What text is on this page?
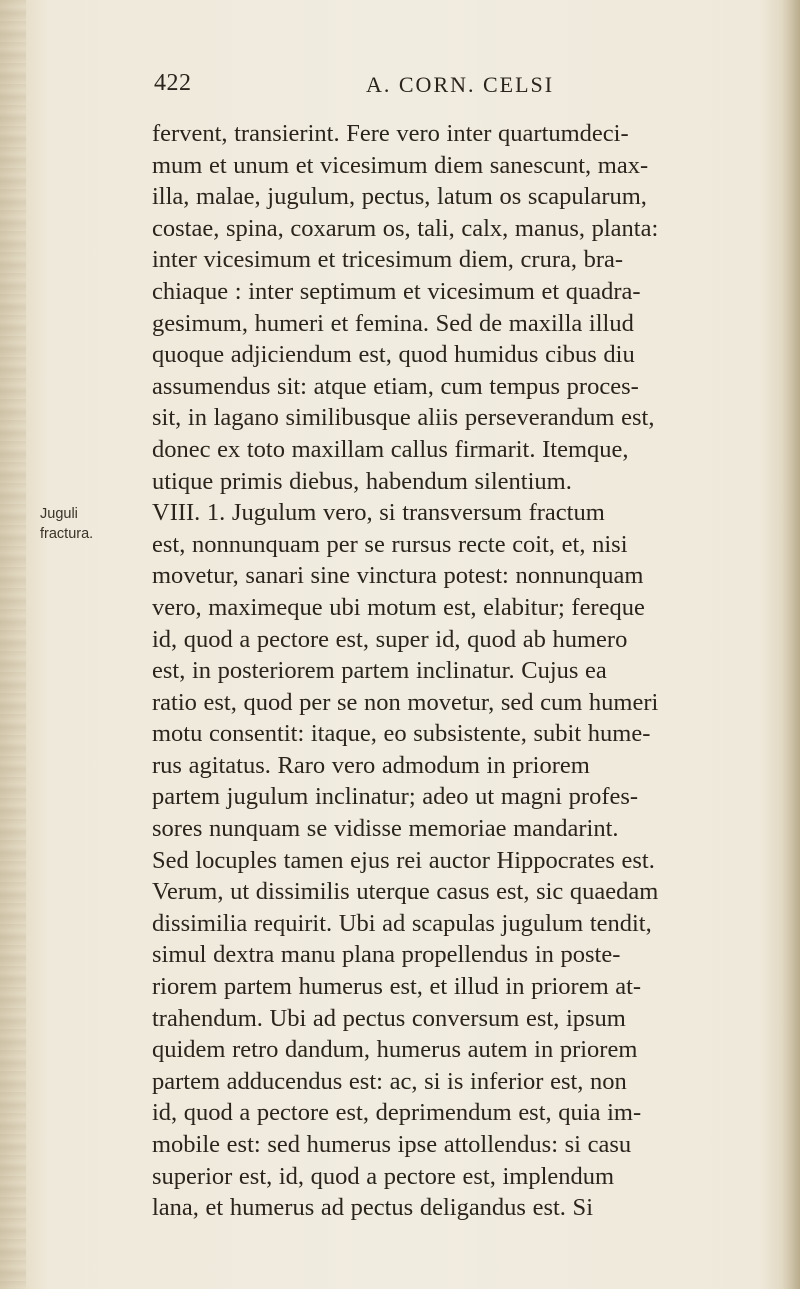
422	A. CORN. CELSI
Juguli
fractura.
fervent, transierint. Fere vero inter quartumdeci-
mum et unum et vicesimum diem sanescunt, max-
illa, malae, jugulum, pectus, latum os scapularum,
costae, spina, coxarum os, tali, calx, manus, planta:
inter vicesimum et tricesimum diem, crura, bra-
chiaque : inter septimum et vicesimum et quadra-
gesimum, humeri et femina. Sed de maxilla illud
quoque adjiciendum est, quod humidus cibus diu
assumendus sit: atque etiam, cum tempus proces-
sit, in lagano similibusque aliis perseverandum est,
donec ex toto maxillam callus firmarit. Itemque,
utique primis diebus, habendum silentium.
VIII. 1. Jugulum vero, si transversum fractum
est, nonnunquam per se rursus recte coit, et, nisi
movetur, sanari sine vinctura potest: nonnunquam
vero, maximeque ubi motum est, elabitur; fereque
id, quod a pectore est, super id, quod ab humero
est, in posteriorem partem inclinatur. Cujus ea
ratio est, quod per se non movetur, sed cum humeri
motu consentit: itaque, eo subsistente, subit hume-
rus agitatus. Raro vero admodum in priorem
partem jugulum inclinatur; adeo ut magni profes-
sores nunquam se vidisse memoriae mandarint.
Sed locuples tamen ejus rei auctor Hippocrates est.
Verum, ut dissimilis uterque casus est, sic quaedam
dissimilia requirit. Ubi ad scapulas jugulum tendit,
simul dextra manu plana propellendus in poste-
riorem partem humerus est, et illud in priorem at-
trahendum. Ubi ad pectus conversum est, ipsum
quidem retro dandum, humerus autem in priorem
partem adducendus est: ac, si is inferior est, non
id, quod a pectore est, deprimendum est, quia im-
mobile est: sed humerus ipse attollendus: si casu
superior est, id, quod a pectore est, implendum
lana, et humerus ad pectus deligandus est. Si
